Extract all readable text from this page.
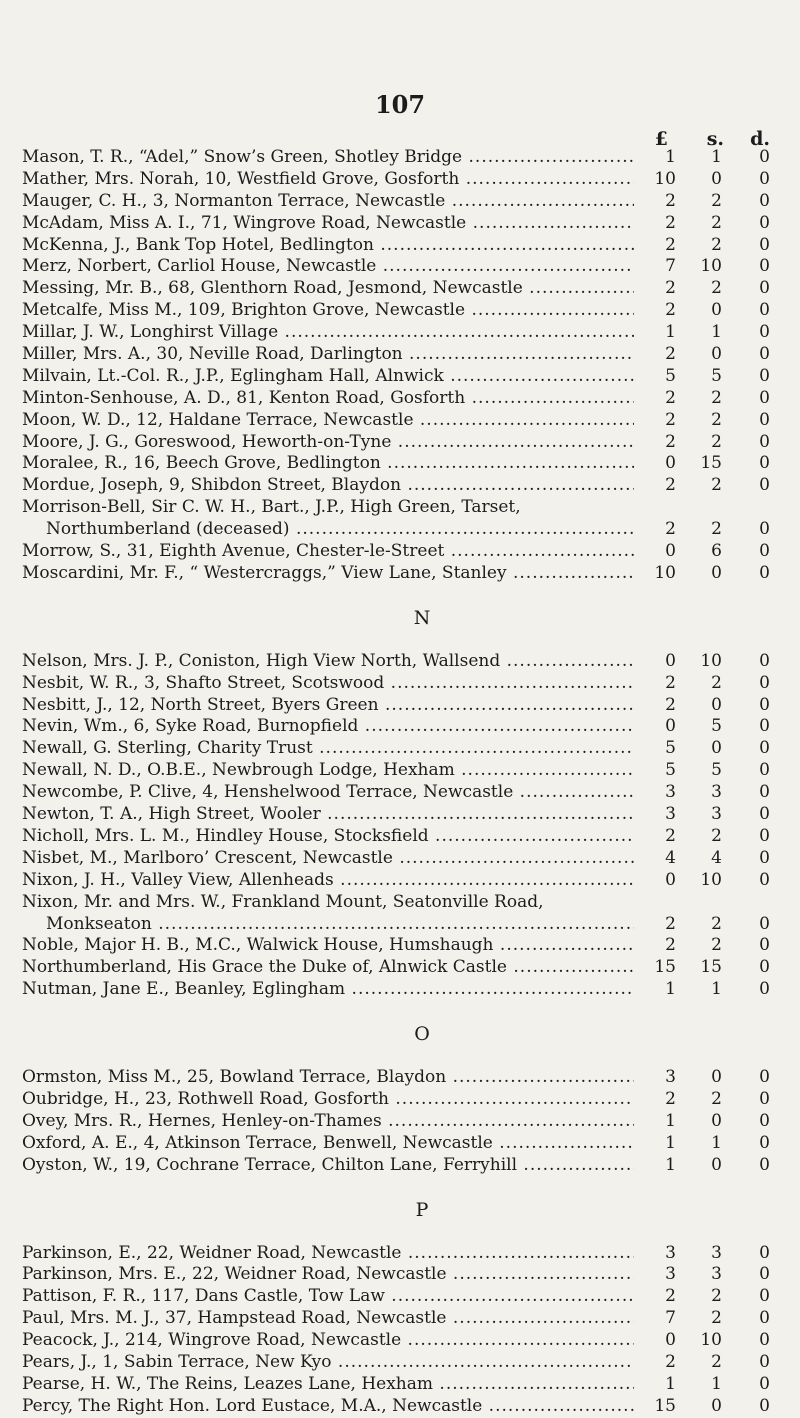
107
£	s.	d.
Mason, T. R., “Adel,” Snow’s Green, Shotley Bridge .....	1	1	0
Mather, Mrs. Norah, 10, Westfield Grove, Gosforth .....	10	0	0
Mauger, C. H., 3, Normanton Terrace, Newcastle .....	2	2	0
McAdam, Miss A. I., 71, Wingrove Road, Newcastle .....	2	2	0
McKenna, J., Bank Top Hotel, Bedlington .....	2	2	0
Merz, Norbert, Carliol House, Newcastle .....	7	10	0
Messing, Mr. B., 68, Glenthorn Road, Jesmond, Newcastle .....	2	2	0
Metcalfe, Miss M., 109, Brighton Grove, Newcastle .....	2	0	0
Millar, J. W., Longhirst Village .....	1	1	0
Miller, Mrs. A., 30, Neville Road, Darlington .....	2	0	0
Milvain, Lt.-Col. R., J.P., Eglingham Hall, Alnwick .....	5	5	0
Minton-Senhouse, A. D., 81, Kenton Road, Gosforth .....	2	2	0
Moon, W. D., 12, Haldane Terrace, Newcastle .....	2	2	0
Moore, J. G., Goreswood, Heworth-on-Tyne .....	2	2	0
Moralee, R., 16, Beech Grove, Bedlington .....	0	15	0
Mordue, Joseph, 9, Shibdon Street, Blaydon .....	2	2	0
Morrison-Bell, Sir C. W. H., Bart., J.P., High Green, Tarset,
Northumberland (deceased) .....	2	2	0
Morrow, S., 31, Eighth Avenue, Chester-le-Street .....	0	6	0
Moscardini, Mr. F., “ Westercraggs,” View Lane, Stanley .....	10	0	0
N
Nelson, Mrs. J. P., Coniston, High View North, Wallsend .....	0	10	0
Nesbit, W. R., 3, Shafto Street, Scotswood .....	2	2	0
Nesbitt, J., 12, North Street, Byers Green .....	2	0	0
Nevin, Wm., 6, Syke Road, Burnopfield .....	0	5	0
Newall, G. Sterling, Charity Trust .....	5	0	0
Newall, N. D., O.B.E., Newbrough Lodge, Hexham .....	5	5	0
Newcombe, P. Clive, 4, Henshelwood Terrace, Newcastle .....	3	3	0
Newton, T. A., High Street, Wooler .....	3	3	0
Nicholl, Mrs. L. M., Hindley House, Stocksfield .....	2	2	0
Nisbet, M., Marlboro’ Crescent, Newcastle .....	4	4	0
Nixon, J. H., Valley View, Allenheads .....	0	10	0
Nixon, Mr. and Mrs. W., Frankland Mount, Seatonville Road,
Monkseaton .....	2	2	0
Noble, Major H. B., M.C., Walwick House, Humshaugh .....	2	2	0
Northumberland, His Grace the Duke of, Alnwick Castle .....	15	15	0
Nutman, Jane E., Beanley, Eglingham .....	1	1	0
O
Ormston, Miss M., 25, Bowland Terrace, Blaydon .....	3	0	0
Oubridge, H., 23, Rothwell Road, Gosforth .....	2	2	0
Ovey, Mrs. R., Hernes, Henley-on-Thames .....	1	0	0
Oxford, A. E., 4, Atkinson Terrace, Benwell, Newcastle .....	1	1	0
Oyston, W., 19, Cochrane Terrace, Chilton Lane, Ferryhill .....	1	0	0
P
Parkinson, E., 22, Weidner Road, Newcastle .....	3	3	0
Parkinson, Mrs. E., 22, Weidner Road, Newcastle .....	3	3	0
Pattison, F. R., 117, Dans Castle, Tow Law .....	2	2	0
Paul, Mrs. M. J., 37, Hampstead Road, Newcastle .....	7	2	0
Peacock, J., 214, Wingrove Road, Newcastle .....	0	10	0
Pears, J., 1, Sabin Terrace, New Kyo .....	2	2	0
Pearse, H. W., The Reins, Leazes Lane, Hexham .....	1	1	0
Percy, The Right Hon. Lord Eustace, M.A., Newcastle .....	15	0	0
